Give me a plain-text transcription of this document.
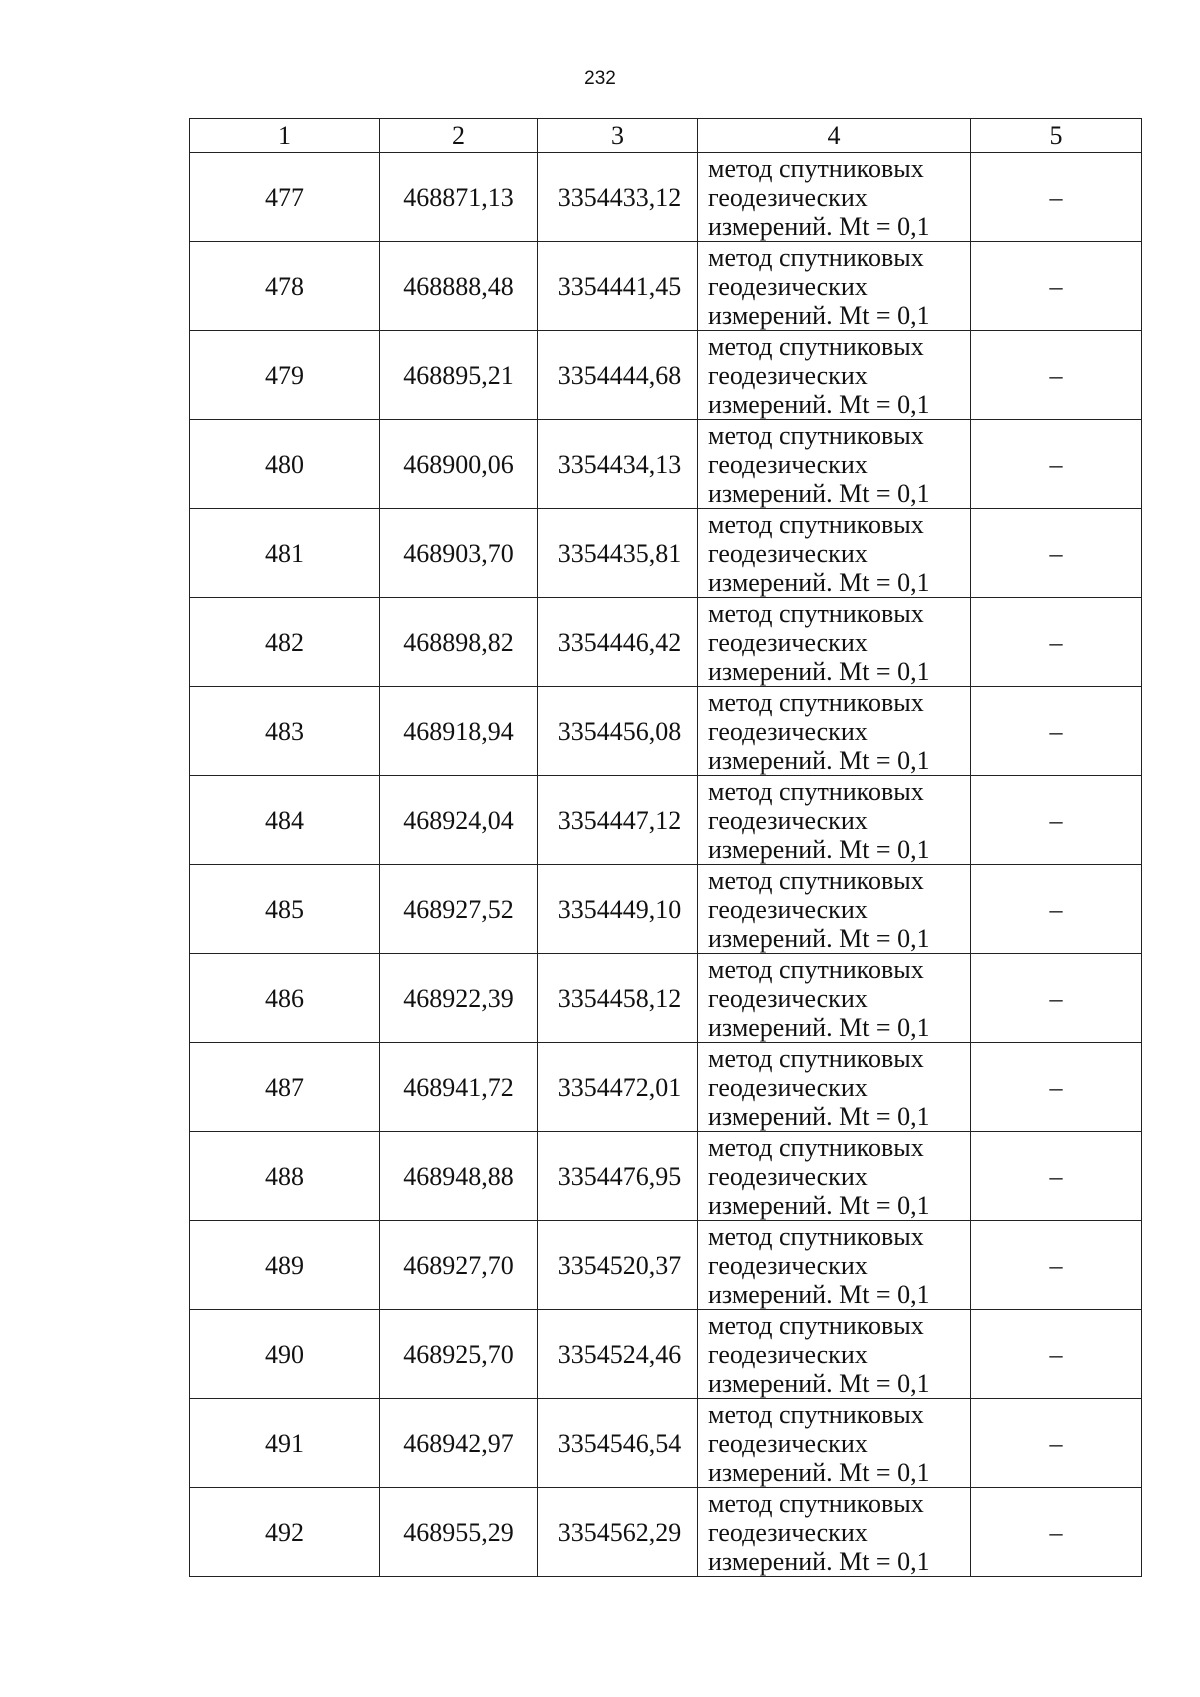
232
1	2	3	4	5
477	468871,13	3354433,12	метод спутниковых геодезических измерений. Mt = 0,1	–
478	468888,48	3354441,45	метод спутниковых геодезических измерений. Mt = 0,1	–
479	468895,21	3354444,68	метод спутниковых геодезических измерений. Mt = 0,1	–
480	468900,06	3354434,13	метод спутниковых геодезических измерений. Mt = 0,1	–
481	468903,70	3354435,81	метод спутниковых геодезических измерений. Mt = 0,1	–
482	468898,82	3354446,42	метод спутниковых геодезических измерений. Mt = 0,1	–
483	468918,94	3354456,08	метод спутниковых геодезических измерений. Mt = 0,1	–
484	468924,04	3354447,12	метод спутниковых геодезических измерений. Mt = 0,1	–
485	468927,52	3354449,10	метод спутниковых геодезических измерений. Mt = 0,1	–
486	468922,39	3354458,12	метод спутниковых геодезических измерений. Mt = 0,1	–
487	468941,72	3354472,01	метод спутниковых геодезических измерений. Mt = 0,1	–
488	468948,88	3354476,95	метод спутниковых геодезических измерений. Mt = 0,1	–
489	468927,70	3354520,37	метод спутниковых геодезических измерений. Mt = 0,1	–
490	468925,70	3354524,46	метод спутниковых геодезических измерений. Mt = 0,1	–
491	468942,97	3354546,54	метод спутниковых геодезических измерений. Mt = 0,1	–
492	468955,29	3354562,29	метод спутниковых геодезических измерений. Mt = 0,1	–
